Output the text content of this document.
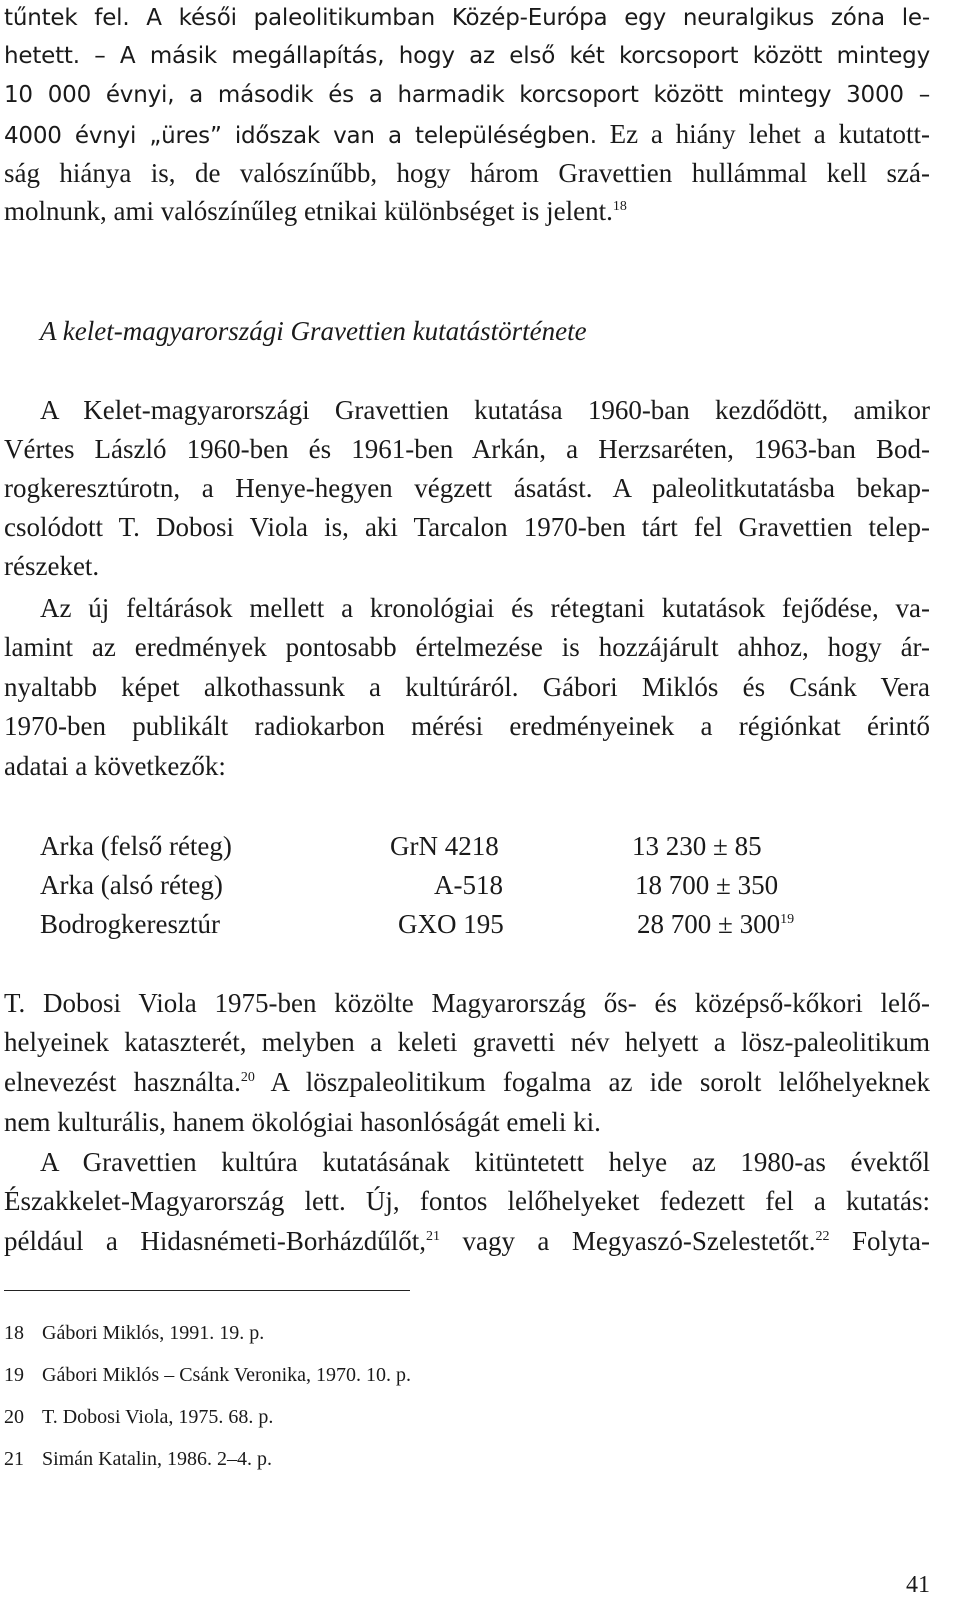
tűntek fel. A késői paleolitikumban Közép-Európa egy neuralgikus zóna le-
hetett. – A másik megállapítás, hogy az első két korcsoport között mintegy
10 000 évnyi, a második és a harmadik korcsoport között mintegy 3000 –
4000 évnyi „üres” időszak van a településégben. Ez a hiány lehet a kutatott-
ság hiánya is, de valószínűbb, hogy három Gravettien hullámmal kell szá-
molnunk, ami valószínűleg etnikai különbséget is jelent.$^{18}$
A kelet-magyarországi Gravettien kutatástörténete
A Kelet-magyarországi Gravettien kutatása 1960-ban kezdődött, amikor
Vértes László 1960-ben és 1961-ben Arkán, a Herzsaréten, 1963-ban Bod-
rogkeresztúrotn, a Henye-hegyen végzett ásatást. A paleolitkutatásba bekap-
csolódott T. Dobosi Viola is, aki Tarcalon 1970-ben tárt fel Gravettien telep-
részeket.
Az új feltárások mellett a kronológiai és rétegtani kutatások fejődése, va-
lamint az eredmények pontosabb értelmezése is hozzájárult ahhoz, hogy ár-
nyaltabb képet alkothassunk a kultúráról. Gábori Miklós és Csánk Vera
1970-ben publikált radiokarbon mérési eredményeinek a régiónkat érintő
adatai a következők:
Arka (felső réteg)	GrN 4218	13 230 ± 85
Arka (alsó réteg)	A-518	18 700 ± 350
Bodrogkeresztúr	GXO 195	28 $700 \pm 300^{19}$
T. Dobosi Viola 1975-ben közölte Magyarország ős- és középső-kőkori lelő-
helyeinek kataszterét, melyben a keleti gravetti név helyett a lösz-paleolitikum
elnevezést használta.$^{20}$ A löszpaleolitikum fogalma az ide sorolt lelőhelyeknek
nem kulturális, hanem ökológiai hasonlóságát emeli ki.
A Gravettien kultúra kutatásának kitüntetett helye az 1980-as évektől
Északkelet-Magyarország lett. Új, fontos lelőhelyeket fedezett fel a kutatás:
például a Hidasnémeti-Borházdűlőt,$^{21}$ vagy a Megyaszó-Szelestetőt.$^{22}$ Folyta-
18 Gábori Miklós, 1991. 19. p.
19 Gábori Miklós – Csánk Veronika, 1970. 10. p.
20 T. Dobosi Viola, 1975. 68. p.
21 Simán Katalin, 1986. 2–4. p.
41
